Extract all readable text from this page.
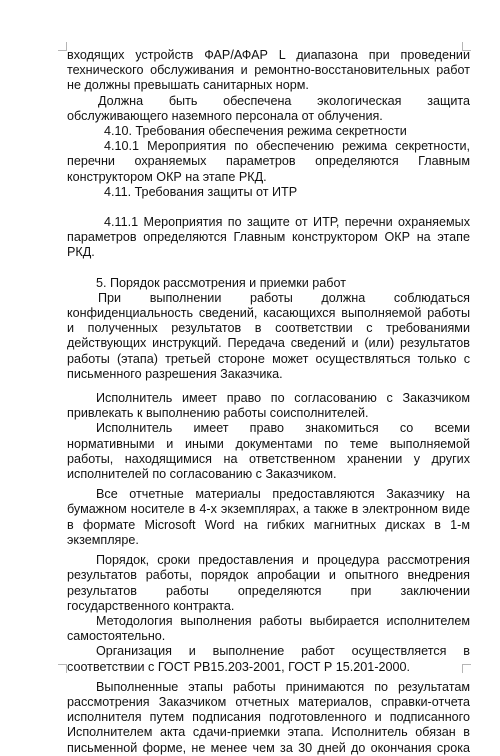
входящих устройств ФАР/АФАР L диапазона при проведении технического обслуживания и ремонтно-восстановительных работ не должны превышать санитарных норм.

Должна быть обеспечена экологическая защита обслуживающего наземного персонала от облучения.

4.10. Требования обеспечения режима секретности

4.10.1 Мероприятия по обеспечению режима секретности, перечни охраняемых параметров определяются Главным конструктором ОКР на этапе РКД.

4.11. Требования защиты от ИТР

4.11.1 Мероприятия по защите от ИТР, перечни охраняемых параметров определяются Главным конструктором ОКР на этапе РКД.

5. Порядок рассмотрения и приемки работ

При выполнении работы должна соблюдаться конфиденциальность сведений, касающихся выполняемой работы и полученных результатов в соответствии с требованиями действующих инструкций. Передача сведений и (или) результатов работы (этапа) третьей стороне может осуществляться только с письменного разрешения Заказчика.

Исполнитель имеет право по согласованию с Заказчиком привлекать к выполнению работы соисполнителей.

Исполнитель имеет право знакомиться со всеми нормативными и иными документами по теме выполняемой работы, находящимися на ответственном хранении у других исполнителей по согласованию с Заказчиком.

Все отчетные материалы предоставляются Заказчику на бумажном носителе в 4-х экземплярах, а также в электронном виде в формате Microsoft Word на гибких магнитных дисках в 1-м экземпляре.

Порядок, сроки предоставления и процедура рассмотрения результатов работы, порядок апробации и опытного внедрения результатов работы определяются при заключении государственного контракта.

Методология выполнения работы выбирается исполнителем самостоятельно.

Организация и выполнение работ осуществляется в соответствии с ГОСТ РВ15.203-2001, ГОСТ Р 15.201-2000.

Выполненные этапы работы принимаются по результатам рассмотрения Заказчиком отчетных материалов, справки-отчета исполнителя путем подписания подготовленного и подписанного Исполнителем акта сдачи-приемки этапа. Исполнитель обязан в письменной форме, не менее чем за 30 дней до окончания срока
